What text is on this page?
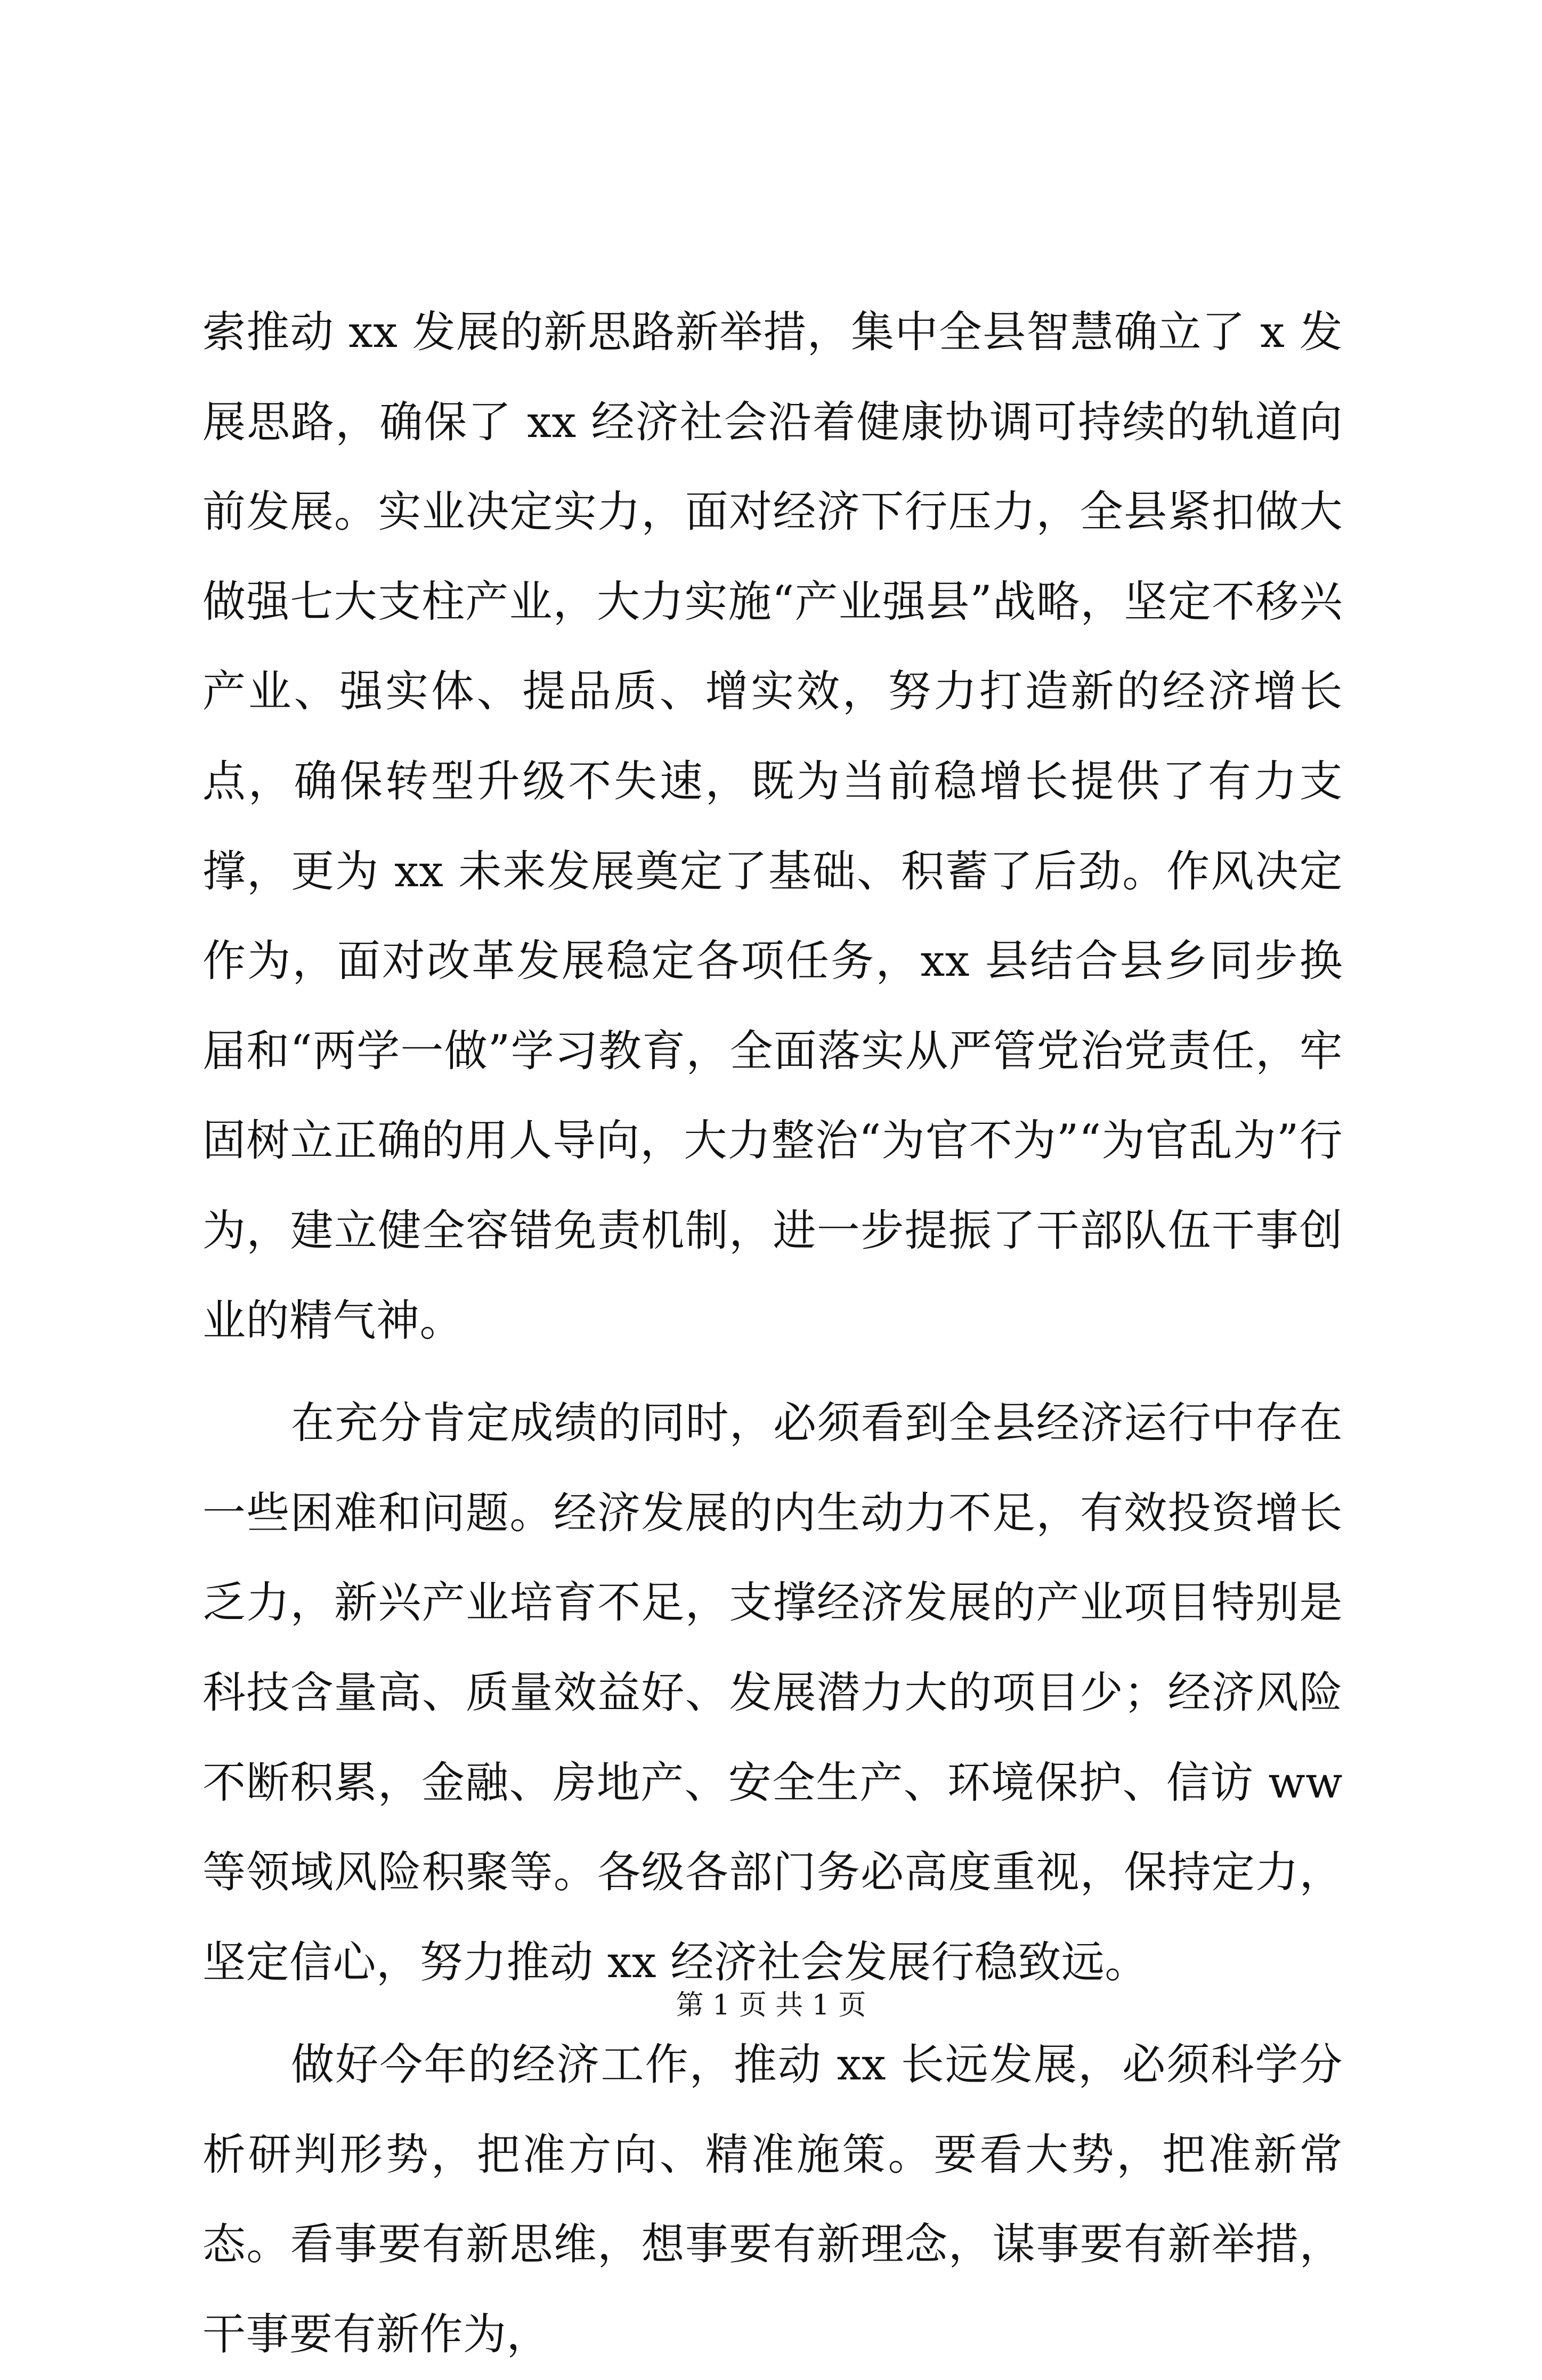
索推动 xx 发展的新思路新举措，集中全县智慧确立了 x 发展思路，确保了 xx 经济社会沿着健康协调可持续的轨道向前发展。实业决定实力，面对经济下行压力，全县紧扣做大做强七大支柱产业，大力实施“产业强县”战略，坚定不移兴产业、强实体、提品质、增实效，努力打造新的经济增长点，确保转型升级不失速，既为当前稳增长提供了有力支撑，更为 xx 未来发展奠定了基础、积蓄了后劲。作风决定作为，面对改革发展稳定各项任务，xx 县结合县乡同步换届和“两学一做”学习教育，全面落实从严管党治党责任，牢固树立正确的用人导向，大力整治“为官不为”“为官乱为”行为，建立健全容错免责机制，进一步提振了干部队伍干事创业的精气神。

在充分肯定成绩的同时，必须看到全县经济运行中存在一些困难和问题。经济发展的内生动力不足，有效投资增长乏力，新兴产业培育不足，支撑经济发展的产业项目特别是科技含量高、质量效益好、发展潜力大的项目少；经济风险不断积累，金融、房地产、安全生产、环境保护、信访 ww 等领域风险积聚等。各级各部门务必高度重视，保持定力，坚定信心，努力推动 xx 经济社会发展行稳致远。

做好今年的经济工作，推动 xx 长远发展，必须科学分析研判形势，把准方向、精准施策。要看大势，把准新常态。看事要有新思维，想事要有新理念，谋事要有新举措，干事要有新作为，

第 1 页 共 1 页
